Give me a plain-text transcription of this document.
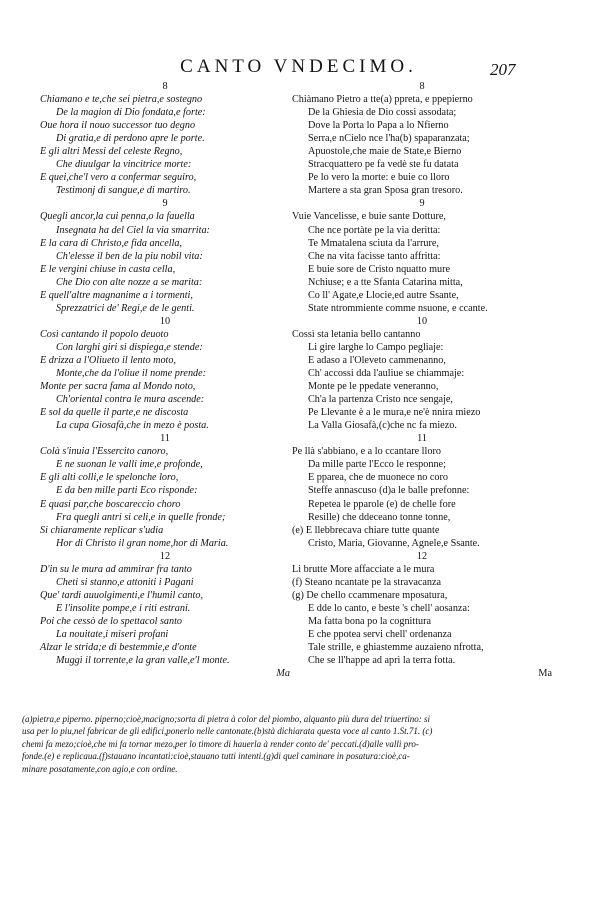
CANTO VNDECIMO.	207
8
Chiamano e te,che sei pietra,e sostegno
De la magion di Dio fondata,e forte:
Oue hora il nouo successor tuo degno
Di gratia,e di perdono apre le porte.
E gli altri Messi del celeste Regno,
Che diuulgar la vincitrice morte:
E quei,che'l vero a confermar seguiro,
Testimonj di sangue,e di martiro.
9
Quegli ancor,la cui penna,o la fauella
Insegnata ha del Ciel la via smarrita:
E la cara di Christo,e fida ancella,
Ch'elesse il ben de la piu nobil vita:
E le vergini chiuse in casta cella,
Che Dio con alte nozze a se marita:
E quell'altre magnanime a i tormenti,
Sprezzatrici de' Regi,e de le genti.
10
Così cantando il popolo deuoto
Con larghi giri si dispiega,e stende:
E drizza a l'Oliueto il lento moto,
Monte,che da l'oliue il nome prende:
Monte per sacra fama al Mondo noto,
Ch'oriental contra le mura ascende:
E sol da quelle il parte,e ne discosta
La cupa Giosafà,che in mezo è posta.
11
Colà s'inuia l'Essercito canoro,
E ne suonan le valli ime,e profonde,
E gli alti colli,e le spelonche loro,
E da ben mille parti Eco risponde:
E quasi par,che boscareccio choro
Fra quegli antri si celi,e in quelle fronde;
Si chiaramente replicar s'udia
Hor di Christo il gran nome,hor di Maria.
12
D'in su le mura ad ammirar fra tanto
Cheti si stanno,e attoniti i Pagani
Que' tardi auuolgimenti,e l'humil canto,
E l'insolite pompe,e i riti estrani.
Poi che cessò de lo spettacol santo
La nouitate,i miseri profani
Alzar le strida;e di bestemmie,e d'onte
Muggì il torrente,e la gran valle,e'l monte.
Ma
8
Chiàmano Pietro a tte(a) ppreta, e ppepierno
De la Ghiesia de Dio cossi assodata;
Dove la Porta lo Papa a lo Nfierno
Serra,e nCielo nce l'ha(b) spaparanzata;
Apuostole,che maie de State,e Bierno
Stracquattero pe fa vedè ste fu datata
Pe lo vero la morte: e buie co lloro
Martere a sta gran Sposa gran tresoro.
9
Vuie Vancelisse, e buie sante Dotture,
Che nce portàte pe la via deritta:
Te Mmatalena sciuta da l'arrure,
Che na vita facisse tanto affritta:
E buie sore de Cristo nquatto mure
Nchiuse; e a tte Sfanta Catarina mitta,
Co ll' Agate,e Llocie,ed autre Ssante,
State ntrommiente comme nsuone, e ccante.
10
Cossì sta letania bello cantanno
Li gire larghe lo Campo pegliaje:
E adaso a l'Oleveto cammenanno,
Ch' accossi dda l'auliue se chiammaje:
Monte pe le ppedate veneranno,
Ch'a la partenza Cristo nce sengaje,
Pe Llevante è a le mura,e ne'è nnira miezo
La Valla Giosafà,(c)che nc fa miezo.
11
Pe llà s'abbiano, e a lo ccantare lloro
Da mille parte l'Ecco le responne;
E pparea, che de muonece no coro
Steffe annascuso (d)a le balle prefonne:
Repetea le pparole (e) de chelle fore
Resille) che ddeceano tonne tonne,
(e) E llebbrecava chiare tutte quante
Cristo, Maria, Giovanne, Agnele,e Ssante.
12
Li brutte More affacciate a le mura
(f) Steano ncantate pe la stravacanza
(g) De chello ccammenare mposatura,
E dde lo canto, e beste 's chell' aosanza:
Ma fatta bona po la cognittura
E che ppotea servi chell' ordenanza
Tale strille, e ghiastemme auzaieno nfrotta,
Che se ll'happe ad aprì la terra fotta.
Ma
(a)pietra,e piperno. piperno;cioè,macigno;sorta di pietra à color del piombo, alquanto più dura del triuertino: si
usa per lo piu,nel fabricar de gli edifici,ponerlo nelle cantonate.(b)stà dichiarata questa voce al canto 1.St.71. (c)
chemi fa mezo;cioè,che mi fa tornar mezo,per lo timore di hauerla à render conto de' peccati.(d)alle valli pro-
fonde.(e) e replicaua.(f)stauano incantati:cioè,stauano tutti intenti.(g)di quel caminare in posatura:cioè,ca-
minare posatamente,con agio,e con ordine.
